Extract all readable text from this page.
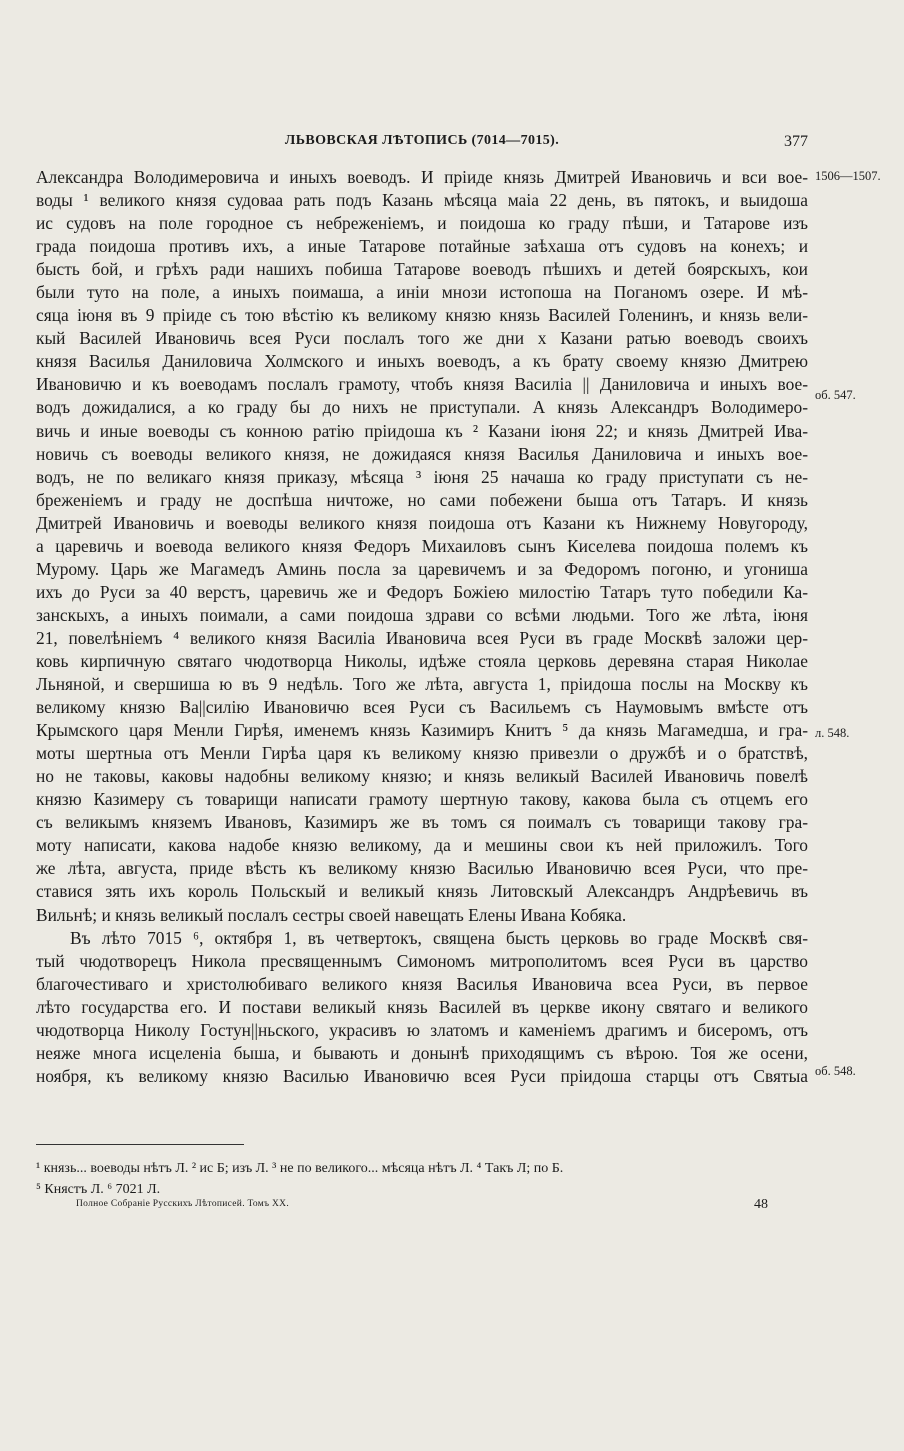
ЛЬВОВСКАЯ ЛѢТОПИСЬ (7014—7015).	377
Александра Володимеровича и иныхъ воеводъ. И пріиде князь Дмитрей Ивановичь и вси вое-
воды ¹ великого князя судоваа рать подъ Казань мѣсяца маіа 22 день, въ пятокъ, и выидоша
ис судовъ на поле городное съ небреженіемъ, и поидоша ко граду пѣши, и Татарове изъ
града поидоша противъ ихъ, а иные Татарове потайные заѣхаша отъ судовъ на конехъ; и
бысть бой, и грѣхъ ради нашихъ побиша Татарове воеводъ пѣшихъ и детей боярскыхъ, кои
были туто на поле, а иныхъ поимаша, а иніи мнози истопоша на Поганомъ озере. И мѣ-
сяца іюня въ 9 пріиде съ тою вѣстію къ великому князю князь Василей Голенинъ, и князь вели-
кый Василей Ивановичь всея Руси послалъ того же дни х Казани ратью воеводъ своихъ
князя Василья Даниловича Холмского и иныхъ воеводъ, а къ брату своему князю Дмитрею
Ивановичю и къ воеводамъ послалъ грамоту, чтобъ князя Василіа || Даниловича и иныхъ вое-
водъ дожидалися, а ко граду бы до нихъ не приступали. А князь Александръ Володимеро-
вичь и иные воеводы съ конною ратію пріидоша къ ² Казани іюня 22; и князь Дмитрей Ива-
новичь съ воеводы великого князя, не дожидаяся князя Василья Даниловича и иныхъ вое-
водъ, не по великаго князя приказу, мѣсяца ³ іюня 25 начаша ко граду приступати съ не-
бреженіемъ и граду не доспѣша ничтоже, но сами побежени быша отъ Татаръ. И князь
Дмитрей Ивановичь и воеводы великого князя поидоша отъ Казани къ Нижнему Новугороду,
а царевичь и воевода великого князя Федоръ Михаиловъ сынъ Киселева поидоша полемъ къ
Мурому. Царь же Магамедъ Аминь посла за царевичемъ и за Федоромъ погоню, и угониша
ихъ до Руси за 40 верстъ, царевичь же и Федоръ Божіею милостію Татаръ туто победили Ка-
занскыхъ, а иныхъ поимали, а сами поидоша здрави со всѣми людьми. Того же лѣта, іюня
21, повелѣніемъ ⁴ великого князя Василіа Ивановича всея Руси въ граде Москвѣ заложи цер-
ковь кирпичную святаго чюдотворца Николы, идѣже стояла церковь деревяна старая Николае
Льняной, и свершиша ю въ 9 недѣль. Того же лѣта, августа 1, пріидоша послы на Москву къ
великому князю Ва||силію Ивановичю всея Руси съ Васильемъ съ Наумовымъ вмѣсте отъ
Крымского царя Менли Гирѣя, именемъ князь Казимиръ Книтъ ⁵ да князь Магамедша, и гра-
моты шертныа отъ Менли Гирѣа царя къ великому князю привезли о дружбѣ и о братствѣ,
но не таковы, каковы надобны великому князю; и князь великый Василей Ивановичь повелѣ
князю Казимеру съ товарищи написати грамоту шертную такову, какова была съ отцемъ его
съ великымъ княземъ Ивановъ, Казимиръ же въ томъ ся поималъ съ товарищи такову гра-
моту написати, какова надобе князю великому, да и мешины свои къ ней приложилъ. Того
же лѣта, августа, приде вѣсть къ великому князю Василью Ивановичю всея Руси, что пре-
ставися зять ихъ король Польскый и великый князь Литовскый Александръ Андрѣевичь въ
Вильнѣ; и князь великый послалъ сестры своей навещать Елены Ивана Кобяка.
Въ лѣто 7015 ⁶, октября 1, въ четвертокъ, священа бысть церковь во граде Москвѣ свя-
тый чюдотворецъ Никола пресвященнымъ Симономъ митрополитомъ всея Руси въ царство
благочестиваго и христолюбиваго великого князя Василья Ивановича всеа Руси, въ первое
лѣто государства его. И постави великый князь Василей въ церкве икону святаго и великого
чюдотворца Николу Гостун||ньского, украсивъ ю златомъ и каменіемъ драгимъ и бисеромъ, отъ
неяже многа исцеленіа быша, и бывають и донынѣ приходящимъ съ вѣрою. Тоя же осени,
ноября, къ великому князю Василью Ивановичю всея Руси пріидоша старцы отъ Святыа
1506—1507.
об. 547.
л. 548.
об. 548.
¹ князь... воеводы нѣтъ Л. ² ис Б; изъ Л. ³ не по великого... мѣсяца нѣтъ Л. ⁴ Такъ Л; по Б.
⁵ Княстъ Л. ⁶ 7021 Л.
Полное Собраніе Русскихъ Лѣтописей. Томъ XX.	48
